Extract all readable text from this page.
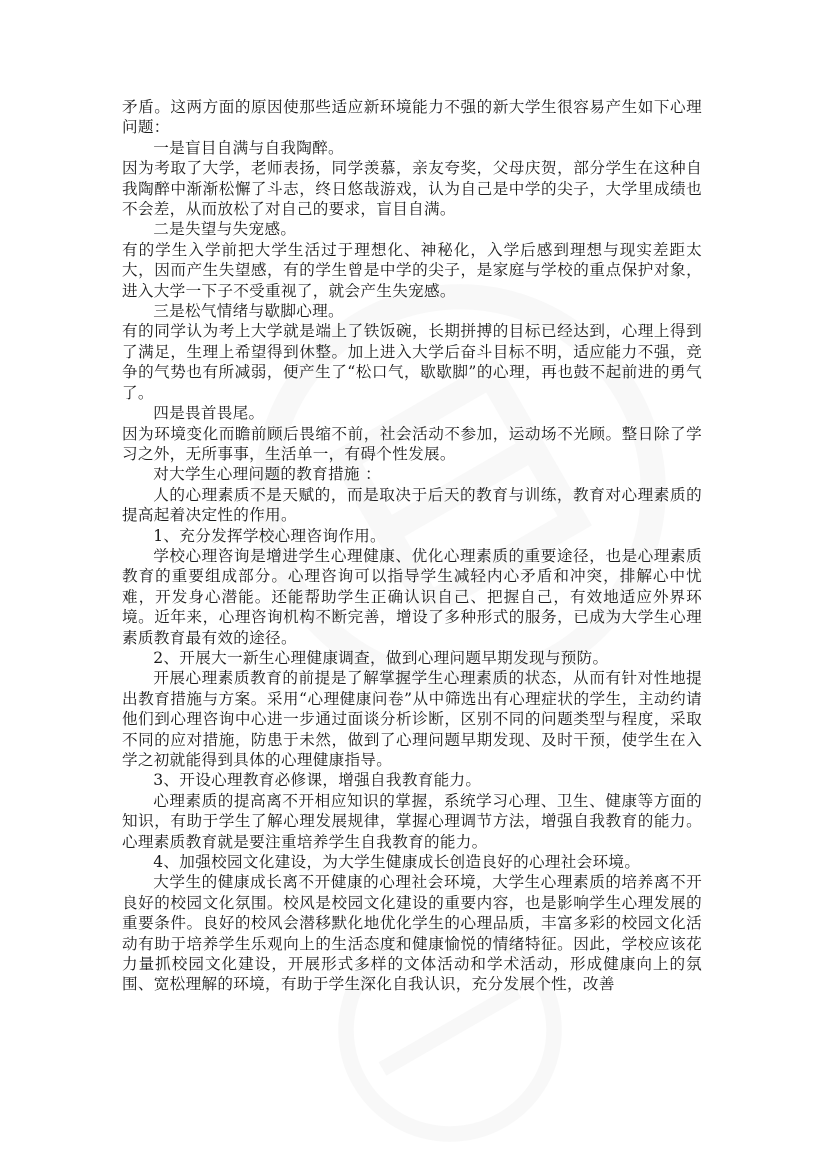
矛盾。这两方面的原因使那些适应新环境能力不强的新大学生很容易产生如下心理问题：

一是盲目自满与自我陶醉。

因为考取了大学，老师表扬，同学羡慕，亲友夸奖，父母庆贺，部分学生在这种自我陶醉中渐渐松懈了斗志，终日悠哉游戏，认为自己是中学的尖子，大学里成绩也不会差，从而放松了对自己的要求，盲目自满。

二是失望与失宠感。

有的学生入学前把大学生活过于理想化、神秘化，入学后感到理想与现实差距太大，因而产生失望感，有的学生曾是中学的尖子，是家庭与学校的重点保护对象，进入大学一下子不受重视了，就会产生失宠感。

三是松气情绪与歇脚心理。

有的同学认为考上大学就是端上了铁饭碗，长期拼搏的目标已经达到，心理上得到了满足，生理上希望得到休整。加上进入大学后奋斗目标不明，适应能力不强，竞争的气势也有所减弱，便产生了“松口气，歇歇脚”的心理，再也鼓不起前进的勇气了。

四是畏首畏尾。

因为环境变化而瞻前顾后畏缩不前，社会活动不参加，运动场不光顾。整日除了学习之外，无所事事，生活单一，有碍个性发展。

对大学生心理问题的教育措施 ：

人的心理素质不是天赋的，而是取决于后天的教育与训练，教育对心理素质的提高起着决定性的作用。

1、充分发挥学校心理咨询作用。

学校心理咨询是增进学生心理健康、优化心理素质的重要途径，也是心理素质教育的重要组成部分。心理咨询可以指导学生减轻内心矛盾和冲突，排解心中忧难，开发身心潜能。还能帮助学生正确认识自己、把握自己，有效地适应外界环境。近年来，心理咨询机构不断完善，增设了多种形式的服务，已成为大学生心理素质教育最有效的途径。

2、开展大一新生心理健康调查，做到心理问题早期发现与预防。

开展心理素质教育的前提是了解掌握学生心理素质的状态，从而有针对性地提出教育措施与方案。采用“心理健康问卷”从中筛选出有心理症状的学生，主动约请他们到心理咨询中心进一步通过面谈分析诊断，区别不同的问题类型与程度，采取不同的应对措施，防患于未然，做到了心理问题早期发现、及时干预，使学生在入学之初就能得到具体的心理健康指导。

3、开设心理教育必修课，增强自我教育能力。

心理素质的提高离不开相应知识的掌握，系统学习心理、卫生、健康等方面的知识，有助于学生了解心理发展规律，掌握心理调节方法，增强自我教育的能力。心理素质教育就是要注重培养学生自我教育的能力。

4、加强校园文化建设，为大学生健康成长创造良好的心理社会环境。

大学生的健康成长离不开健康的心理社会环境，大学生心理素质的培养离不开良好的校园文化氛围。校风是校园文化建设的重要内容，也是影响学生心理发展的重要条件。良好的校风会潜移默化地优化学生的心理品质，丰富多彩的校园文化活动有助于培养学生乐观向上的生活态度和健康愉悦的情绪特征。因此，学校应该花力量抓校园文化建设，开展形式多样的文体活动和学术活动，形成健康向上的氛围、宽松理解的环境，有助于学生深化自我认识，充分发展个性，改善
